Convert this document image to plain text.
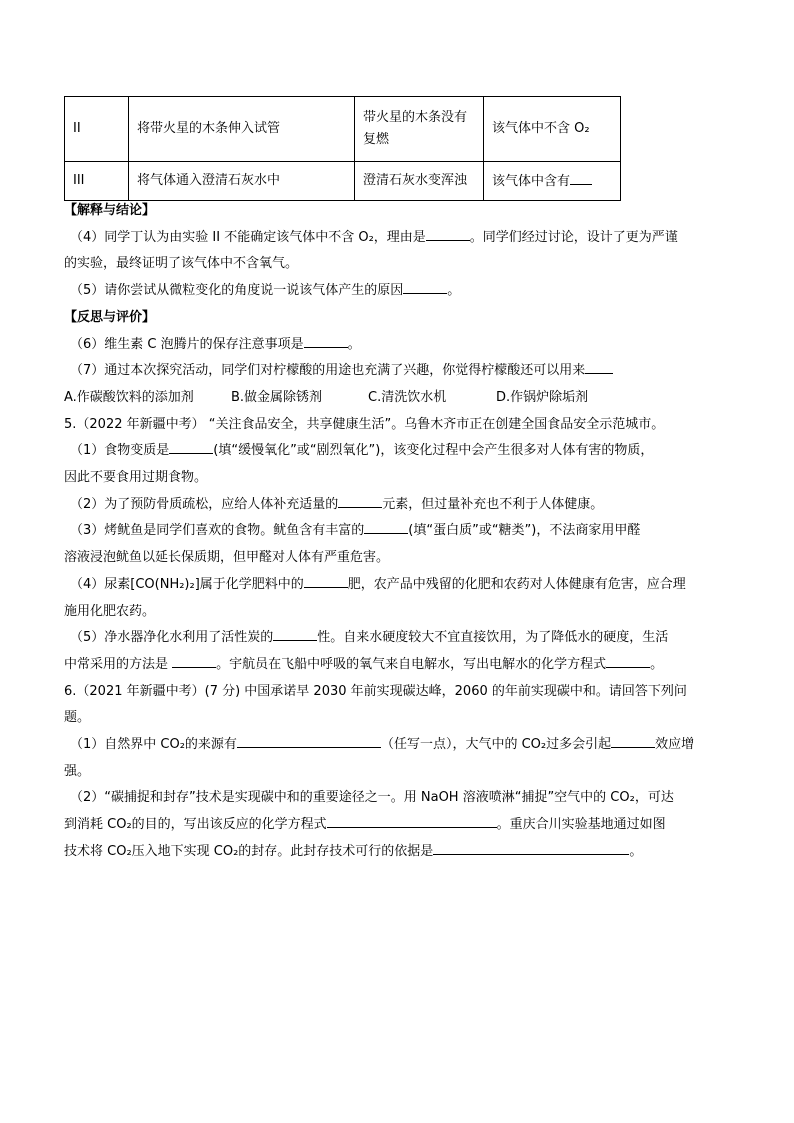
II	将带火星的木条伸入试管	带火星的木条没有复燃	该气体中不含 O₂
III	将气体通入澄清石灰水中	澄清石灰水变浑浊	该气体中含有
【解释与结论】
（4）同学丁认为由实验 II 不能确定该气体中不含 O₂，理由是	。同学们经过讨论，设计了更为严谨
的实验，最终证明了该气体中不含氧气。
（5）请你尝试从微粒变化的角度说一说该气体产生的原因	。
【反思与评价】
（6）维生素 C 泡腾片的保存注意事项是	。
（7）通过本次探究活动，同学们对柠檬酸的用途也充满了兴趣，你觉得柠檬酸还可以用来
A.作碳酸饮料的添加剂	B.做金属除锈剂	C.清洗饮水机	D.作锅炉除垢剂
5.（2022 年新疆中考） “关注食品安全，共享健康生活”。乌鲁木齐市正在创建全国食品安全示范城市。
（1）食物变质是	(填“缓慢氧化”或“剧烈氧化”)，该变化过程中会产生很多对人体有害的物质，
因此不要食用过期食物。
（2）为了预防骨质疏松，应给人体补充适量的	元素，但过量补充也不利于人体健康。
（3）烤鱿鱼是同学们喜欢的食物。鱿鱼含有丰富的	(填“蛋白质”或“糖类”)，不法商家用甲醛
溶液浸泡鱿鱼以延长保质期，但甲醛对人体有严重危害。
（4）尿素[CO(NH₂)₂]属于化学肥料中的	肥，农产品中残留的化肥和农药对人体健康有危害，应合理
施用化肥农药。
（5）净水器净化水利用了活性炭的	性。自来水硬度较大不宜直接饮用，为了降低水的硬度，生活
中常采用的方法是	。宇航员在飞船中呼吸的氧气来自电解水，写出电解水的化学方程式	。
6.（2021 年新疆中考）(7 分) 中国承诺早 2030 年前实现碳达峰，2060 的年前实现碳中和。请回答下列问
题。
（1）自然界中 CO₂的来源有	（任写一点），大气中的 CO₂过多会引起	效应增
强。
（2）“碳捕捉和封存”技术是实现碳中和的重要途径之一。用 NaOH 溶液喷淋“捕捉”空气中的 CO₂，可达
到消耗 CO₂的目的，写出该反应的化学方程式	。重庆合川实验基地通过如图
技术将 CO₂压入地下实现 CO₂的封存。此封存技术可行的依据是	。
